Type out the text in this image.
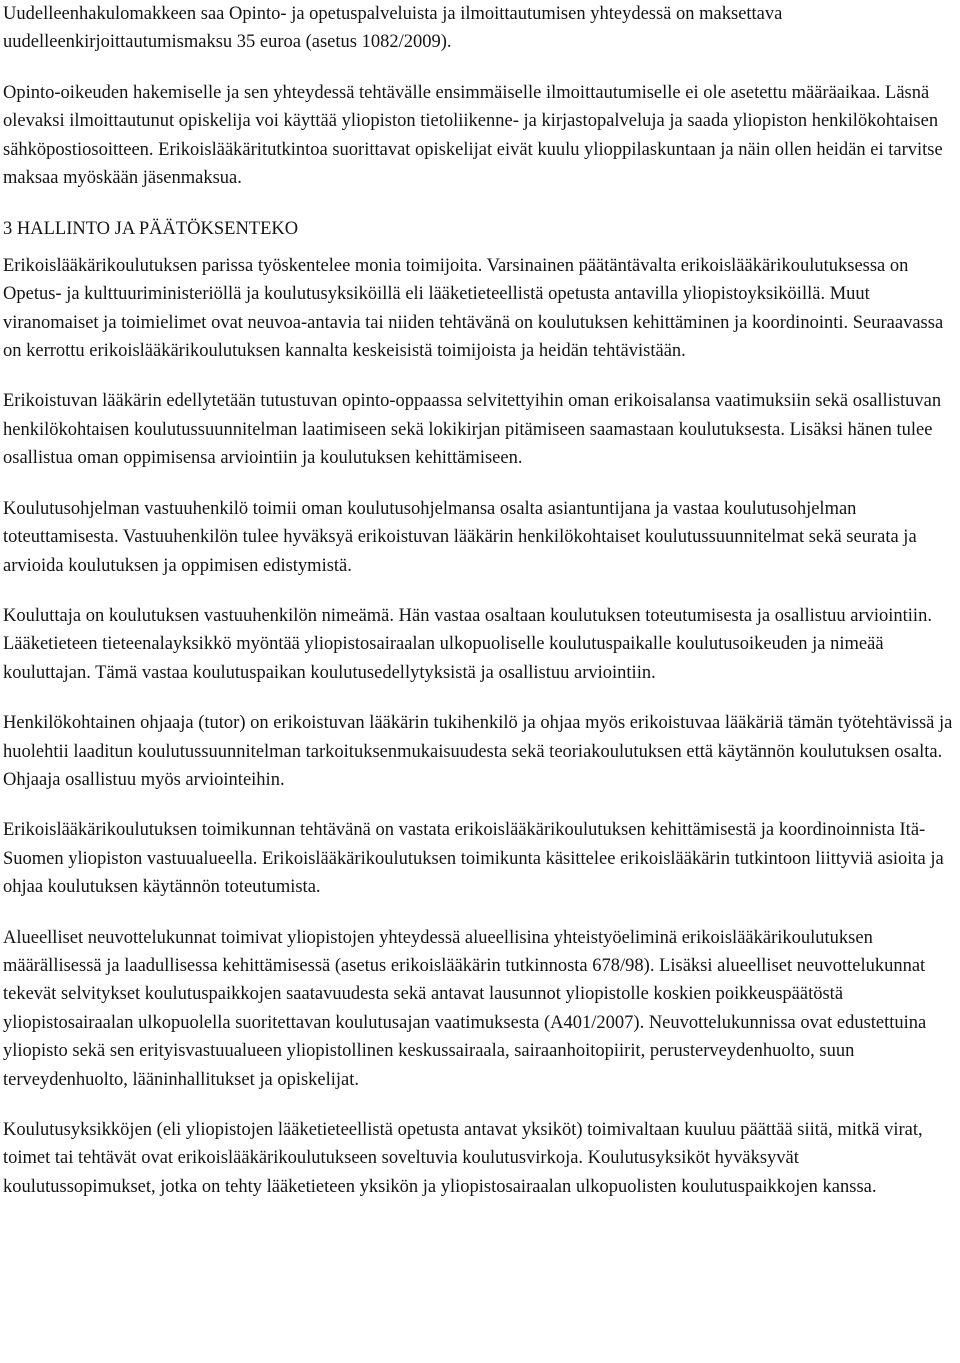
Uudelleenhakulomakkeen saa Opinto- ja opetuspalveluista ja ilmoittautumisen yhteydessä on maksettava uudelleenkirjoittautumismaksu 35 euroa (asetus 1082/2009).

Opinto-oikeuden hakemiselle ja sen yhteydessä tehtävälle ensimmäiselle ilmoittautumiselle ei ole asetettu määräaikaa. Läsnä olevaksi ilmoittautunut opiskelija voi käyttää yliopiston tietoliikenne- ja kirjastopalveluja ja saada yliopiston henkilökohtaisen sähköpostiosoitteen. Erikoislääkäritutkintoa suorittavat opiskelijat eivät kuulu ylioppilaskuntaan ja näin ollen heidän ei tarvitse maksaa myöskään jäsenmaksua.

3 HALLINTO JA PÄÄTÖKSENTEKO

Erikoislääkärikoulutuksen parissa työskentelee monia toimijoita. Varsinainen päätäntävalta erikoislääkärikoulutuksessa on Opetus- ja kulttuuriministeriöllä ja koulutusyksiköillä eli lääketieteellistä opetusta antavilla yliopistoyksiköillä. Muut viranomaiset ja toimielimet ovat neuvoa-antavia tai niiden tehtävänä on koulutuksen kehittäminen ja koordinointi. Seuraavassa on kerrottu erikoislääkärikoulutuksen kannalta keskeisistä toimijoista ja heidän tehtävistään.

Erikoistuvan lääkärin edellytetään tutustuvan opinto-oppaassa selvitettyihin oman erikoisalansa vaatimuksiin sekä osallistuvan henkilökohtaisen koulutussuunnitelman laatimiseen sekä lokikirjan pitämiseen saamastaan koulutuksesta. Lisäksi hänen tulee osallistua oman oppimisensa arviointiin ja koulutuksen kehittämiseen.

Koulutusohjelman vastuuhenkilö toimii oman koulutusohjelmansa osalta asiantuntijana ja vastaa koulutusohjelman toteuttamisesta. Vastuuhenkilön tulee hyväksyä erikoistuvan lääkärin henkilökohtaiset koulutussuunnitelmat sekä seurata ja arvioida koulutuksen ja oppimisen edistymistä.

Kouluttaja on koulutuksen vastuuhenkilön nimeämä. Hän vastaa osaltaan koulutuksen toteutumisesta ja osallistuu arviointiin. Lääketieteen tieteenalayksikkö myöntää yliopistosairaalan ulkopuoliselle koulutuspaikalle koulutusoikeuden ja nimeää kouluttajan. Tämä vastaa koulutuspaikan koulutusedellytyksistä ja osallistuu arviointiin.

Henkilökohtainen ohjaaja (tutor) on erikoistuvan lääkärin tukihenkilö ja ohjaa myös erikoistuvaa lääkäriä tämän työtehtävissä ja huolehtii laaditun koulutussuunnitelman tarkoituksenmukaisuudesta sekä teoriakoulutuksen että käytännön koulutuksen osalta. Ohjaaja osallistuu myös arviointeihin.

Erikoislääkärikoulutuksen toimikunnan tehtävänä on vastata erikoislääkärikoulutuksen kehittämisestä ja koordinoinnista Itä-Suomen yliopiston vastuualueella. Erikoislääkärikoulutuksen toimikunta käsittelee erikoislääkärin tutkintoon liittyviä asioita ja ohjaa koulutuksen käytännön toteutumista.

Alueelliset neuvottelukunnat toimivat yliopistojen yhteydessä alueellisina yhteistyöeliminä erikoislääkärikoulutuksen määrällisessä ja laadullisessa kehittämisessä (asetus erikoislääkärin tutkinnosta 678/98). Lisäksi alueelliset neuvottelukunnat tekevät selvitykset koulutuspaikkojen saatavuudesta sekä antavat lausunnot yliopistolle koskien poikkeuspäätöstä yliopistosairaalan ulkopuolella suoritettavan koulutusajan vaatimuksesta (A401/2007). Neuvottelukunnissa ovat edustettuina yliopisto sekä sen erityisvastuualueen yliopistollinen keskussairaala, sairaanhoitopiirit, perusterveydenhuolto, suun terveydenhuolto, lääninhallitukset ja opiskelijat.

Koulutusyksikköjen (eli yliopistojen lääketieteellistä opetusta antavat yksiköt) toimivaltaan kuuluu päättää siitä, mitkä virat, toimet tai tehtävät ovat erikoislääkärikoulutukseen soveltuvia koulutusvirkoja. Koulutusyksiköt hyväksyvät koulutussopimukset, jotka on tehty lääketieteen yksikön ja yliopistosairaalan ulkopuolisten koulutuspaikkojen kanssa.
